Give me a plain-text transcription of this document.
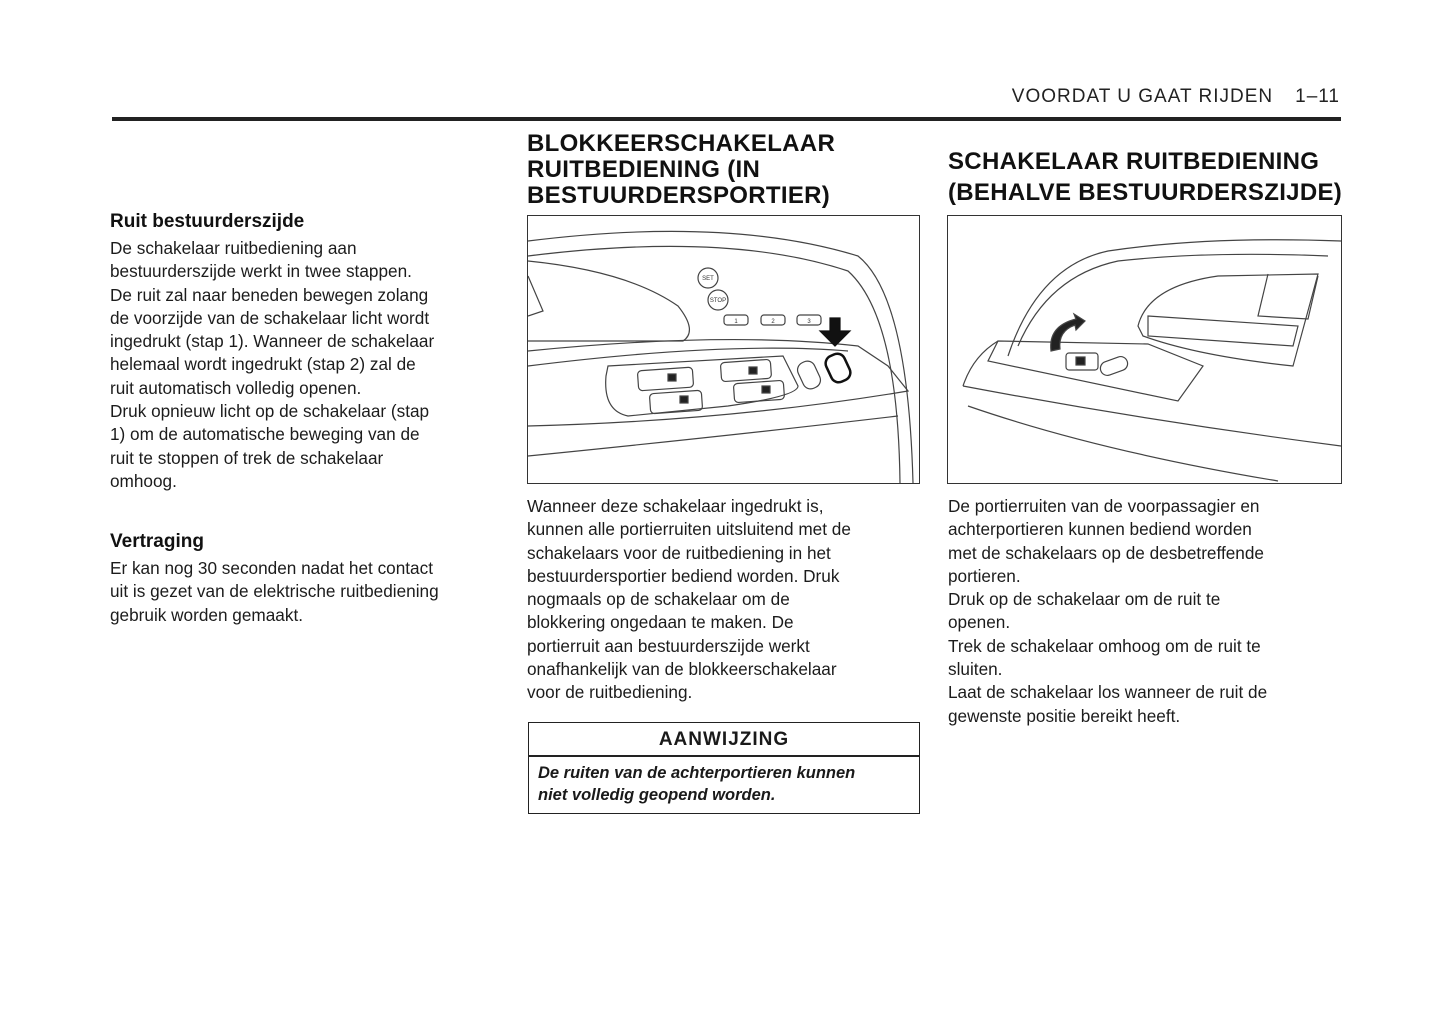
VOORDAT U GAAT RIJDEN 1–11
Ruit bestuurderszijde
De schakelaar ruitbediening aan
bestuurderszijde werkt in twee stappen.
De ruit zal naar beneden bewegen zolang
de voorzijde van de schakelaar licht wordt
ingedrukt (stap 1). Wanneer de schakelaar
helemaal wordt ingedrukt (stap 2) zal de
ruit automatisch volledig openen.
Druk opnieuw licht op de schakelaar (stap
1) om de automatische beweging van de
ruit te stoppen of trek de schakelaar
omhoog.
Vertraging
Er kan nog 30 seconden nadat het contact
uit is gezet van de elektrische ruitbediening
gebruik worden gemaakt.
BLOKKEERSCHAKELAAR
RUITBEDIENING (IN
BESTUURDERSPORTIER)
SET
STOP
1	2	3
Wanneer deze schakelaar ingedrukt is,
kunnen alle portierruiten uitsluitend met de
schakelaars voor de ruitbediening in het
bestuurdersportier bediend worden. Druk
nogmaals op de schakelaar om de
blokkering ongedaan te maken. De
portierruit aan bestuurderszijde werkt
onafhankelijk van de blokkeerschakelaar
voor de ruitbediening.
AANWIJZING
De ruiten van de achterportieren kunnen
niet volledig geopend worden.
SCHAKELAAR RUITBEDIENING
(BEHALVE BESTUURDERSZIJDE)
De portierruiten van de voorpassagier en
achterportieren kunnen bediend worden
met de schakelaars op de desbetreffende
portieren.
Druk op de schakelaar om de ruit te
openen.
Trek de schakelaar omhoog om de ruit te
sluiten.
Laat de schakelaar los wanneer de ruit de
gewenste positie bereikt heeft.
